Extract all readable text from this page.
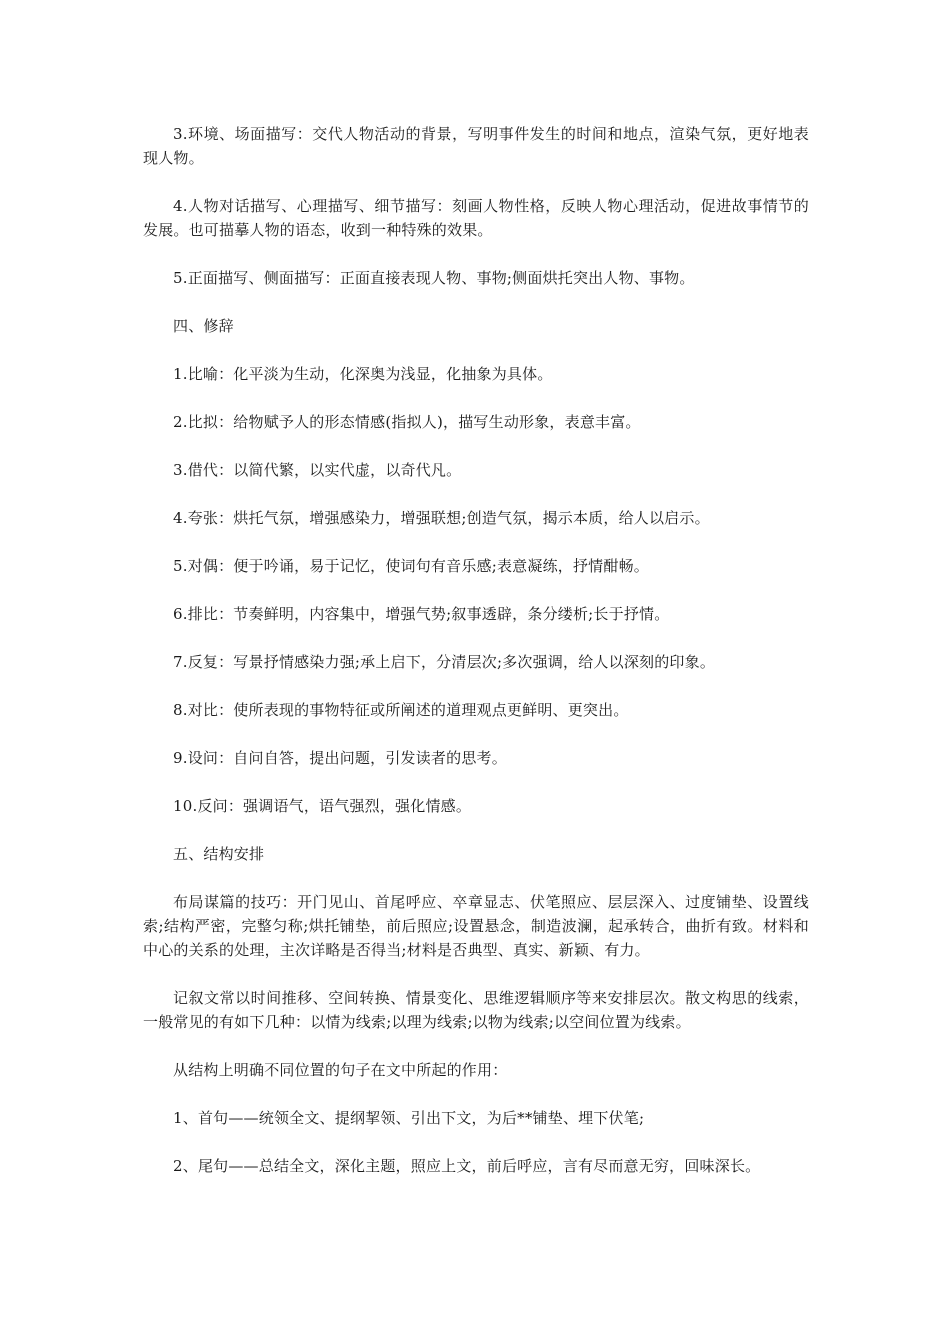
3.环境、场面描写：交代人物活动的背景，写明事件发生的时间和地点，渲染气氛，更好地表现人物。

4.人物对话描写、心理描写、细节描写：刻画人物性格，反映人物心理活动，促进故事情节的发展。也可描摹人物的语态，收到一种特殊的效果。

5.正面描写、侧面描写：正面直接表现人物、事物;侧面烘托突出人物、事物。

四、修辞

1.比喻：化平淡为生动，化深奥为浅显，化抽象为具体。

2.比拟：给物赋予人的形态情感(指拟人)，描写生动形象，表意丰富。

3.借代：以简代繁，以实代虚，以奇代凡。

4.夸张：烘托气氛，增强感染力，增强联想;创造气氛，揭示本质，给人以启示。

5.对偶：便于吟诵，易于记忆，使词句有音乐感;表意凝练，抒情酣畅。

6.排比：节奏鲜明，内容集中，增强气势;叙事透辟，条分缕析;长于抒情。

7.反复：写景抒情感染力强;承上启下，分清层次;多次强调，给人以深刻的印象。

8.对比：使所表现的事物特征或所阐述的道理观点更鲜明、更突出。

9.设问：自问自答，提出问题，引发读者的思考。

10.反问：强调语气，语气强烈，强化情感。

五、结构安排

布局谋篇的技巧：开门见山、首尾呼应、卒章显志、伏笔照应、层层深入、过度铺垫、设置线索;结构严密，完整匀称;烘托铺垫，前后照应;设置悬念，制造波澜，起承转合，曲折有致。材料和中心的关系的处理，主次详略是否得当;材料是否典型、真实、新颖、有力。

记叙文常以时间推移、空间转换、情景变化、思维逻辑顺序等来安排层次。散文构思的线索，一般常见的有如下几种：以情为线索;以理为线索;以物为线索;以空间位置为线索。

从结构上明确不同位置的句子在文中所起的作用：

1、首句——统领全文、提纲挈领、引出下文，为后**铺垫、埋下伏笔;

2、尾句——总结全文，深化主题，照应上文，前后呼应，言有尽而意无穷，回味深长。
